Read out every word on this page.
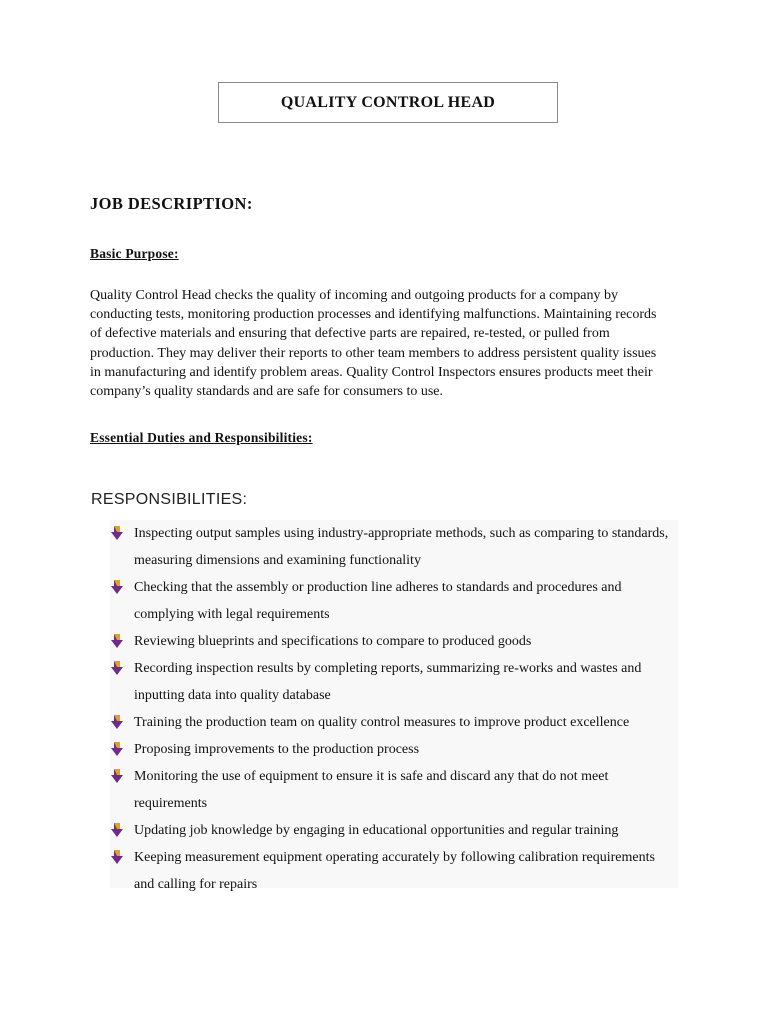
QUALITY CONTROL HEAD
JOB DESCRIPTION:
Basic Purpose:
Quality Control Head checks the quality of incoming and outgoing products for a company by conducting tests, monitoring production processes and identifying malfunctions. Maintaining records of defective materials and ensuring that defective parts are repaired, re-tested, or pulled from production. They may deliver their reports to other team members to address persistent quality issues in manufacturing and identify problem areas. Quality Control Inspectors ensures products meet their company’s quality standards and are safe for consumers to use.
Essential Duties and Responsibilities:
RESPONSIBILITIES:
Inspecting output samples using industry-appropriate methods, such as comparing to standards, measuring dimensions and examining functionality
Checking that the assembly or production line adheres to standards and procedures and complying with legal requirements
Reviewing blueprints and specifications to compare to produced goods
Recording inspection results by completing reports, summarizing re-works and wastes and inputting data into quality database
Training the production team on quality control measures to improve product excellence
Proposing improvements to the production process
Monitoring the use of equipment to ensure it is safe and discard any that do not meet requirements
Updating job knowledge by engaging in educational opportunities and regular training
Keeping measurement equipment operating accurately by following calibration requirements and calling for repairs
